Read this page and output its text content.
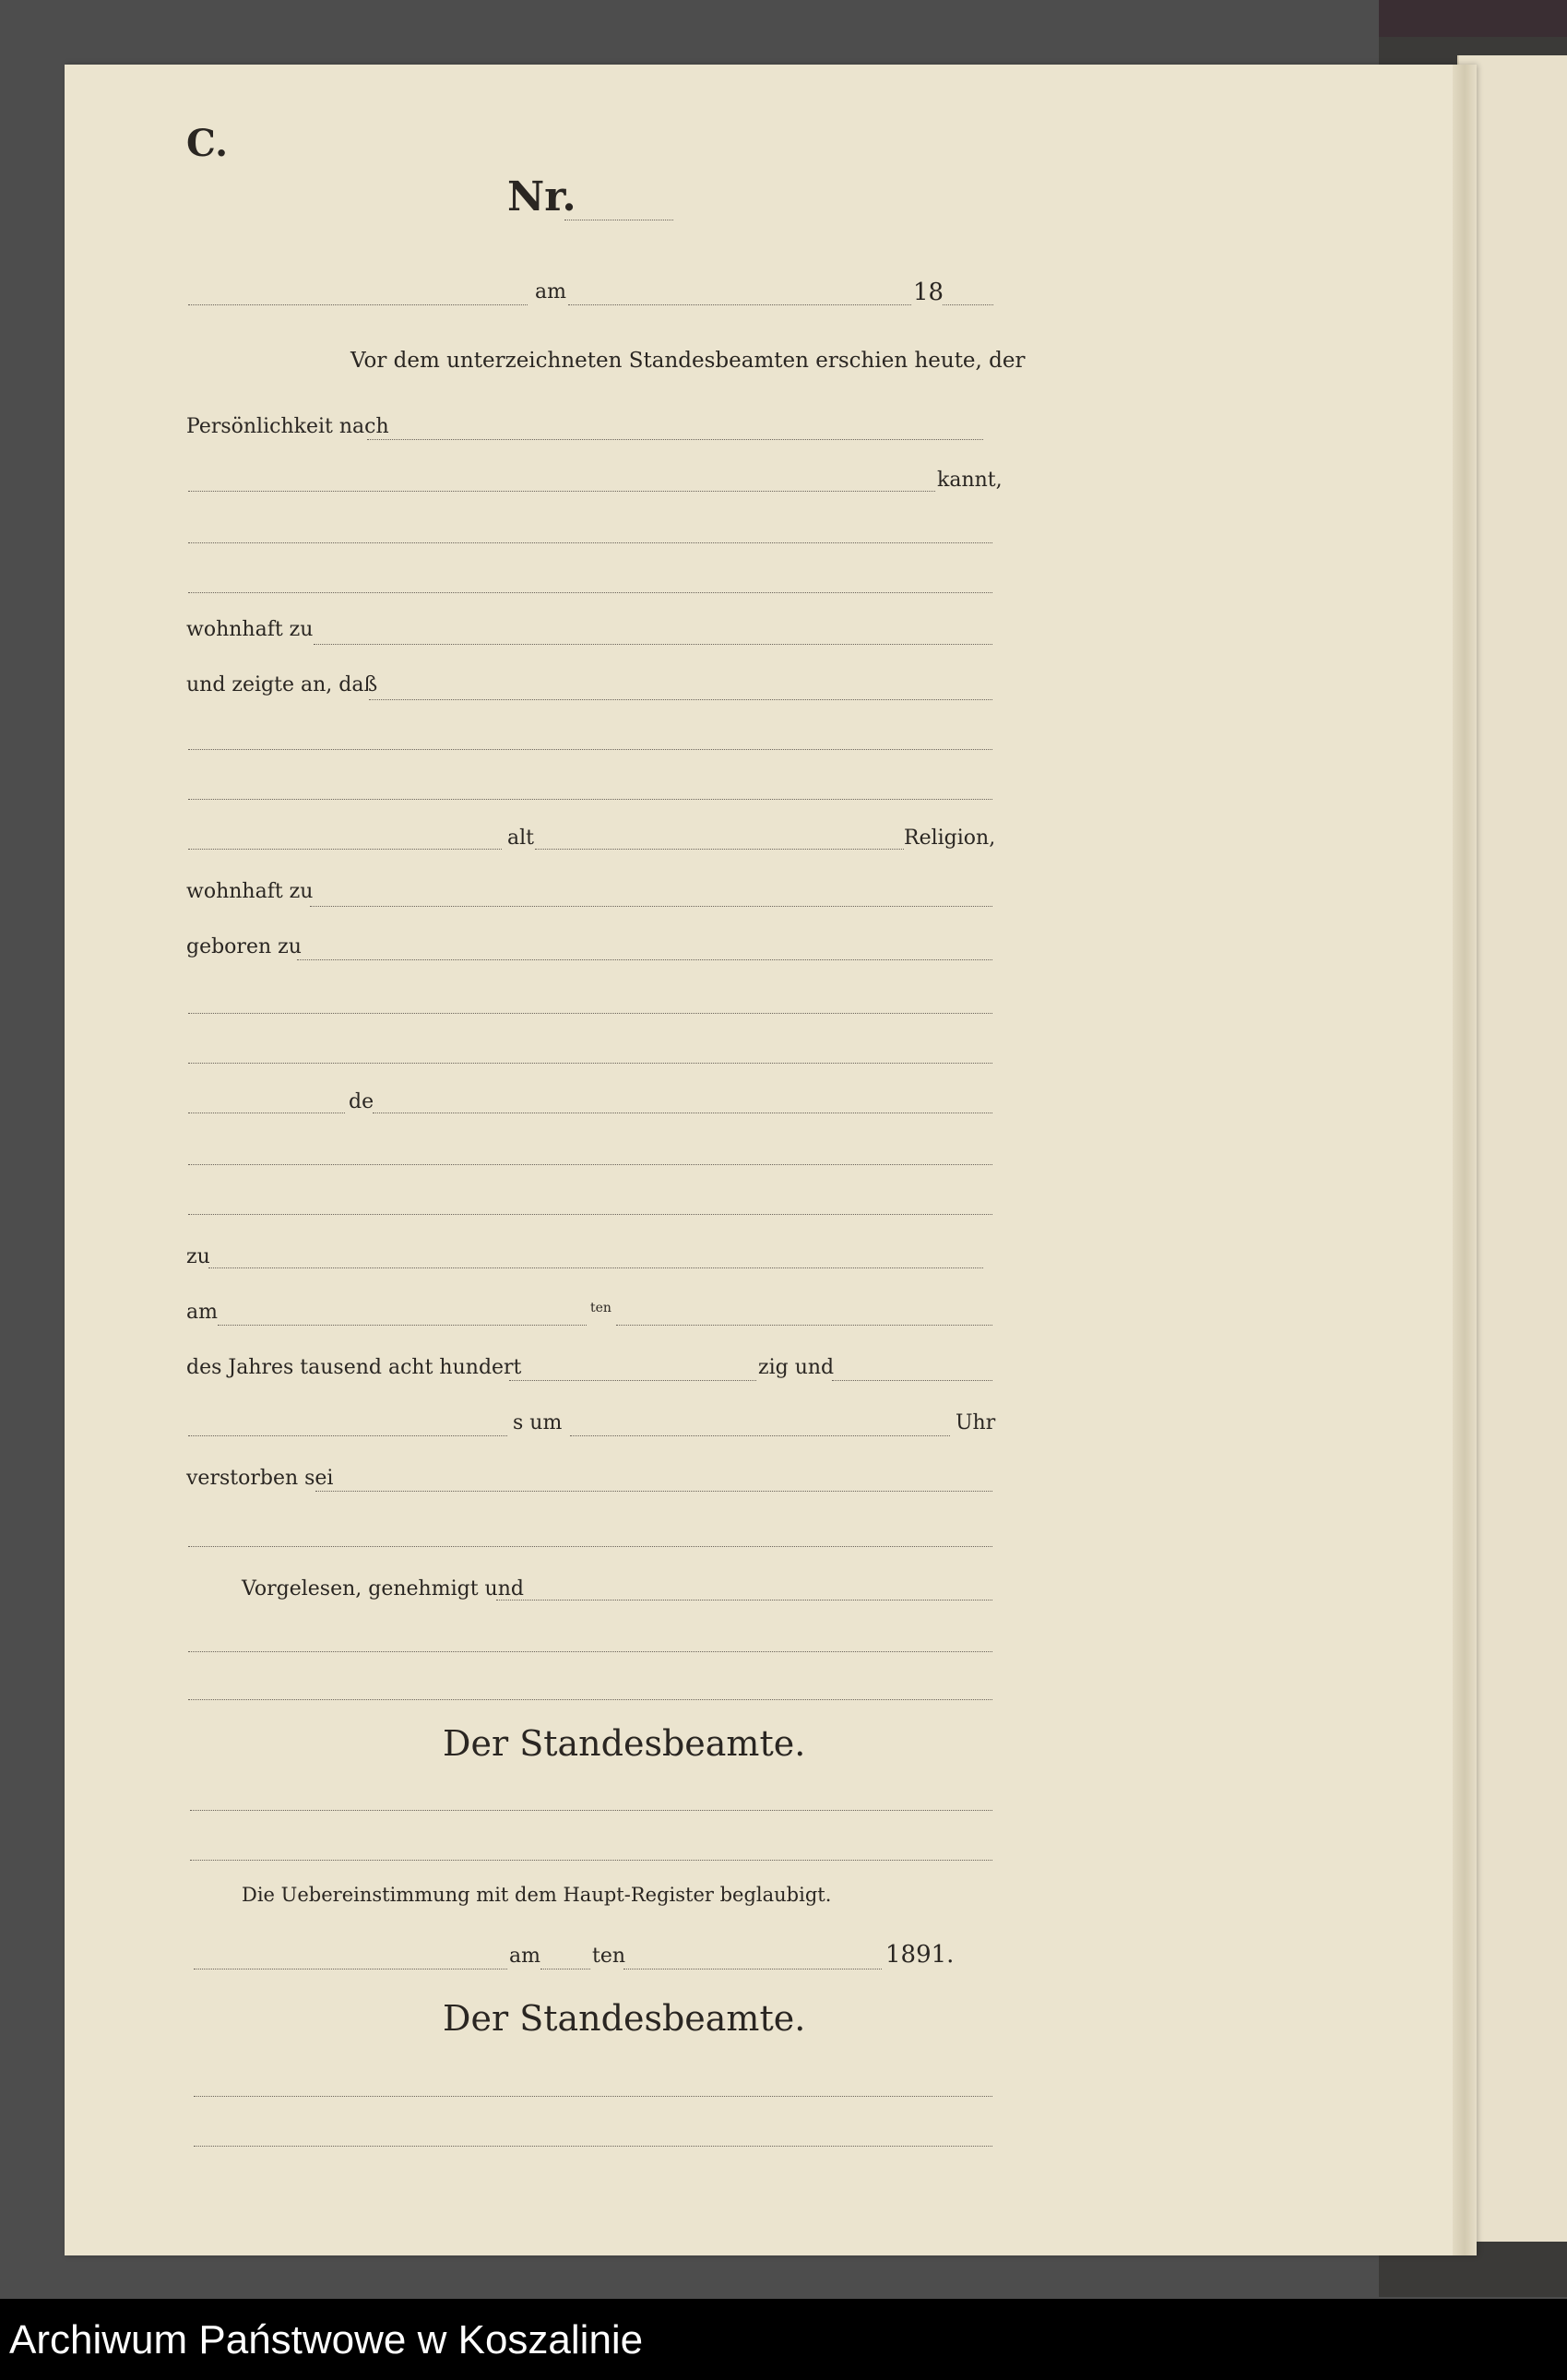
C.
Nr.
am	18
Vor dem unterzeichneten Standesbeamten erschien heute, der
Persönlichkeit nach
kannt,
wohnhaft zu
und zeigte an, daß
alt	Religion,
wohnhaft zu
geboren zu
de
zu
am	ten
des Jahres tausend acht hundert	zig und
s um	Uhr
verstorben sei
Vorgelesen, genehmigt und
Der Standesbeamte.
Die Uebereinstimmung mit dem Haupt-Register beglaubigt.
am	ten	1891.
Der Standesbeamte.
Archiwum Państwowe w Koszalinie
